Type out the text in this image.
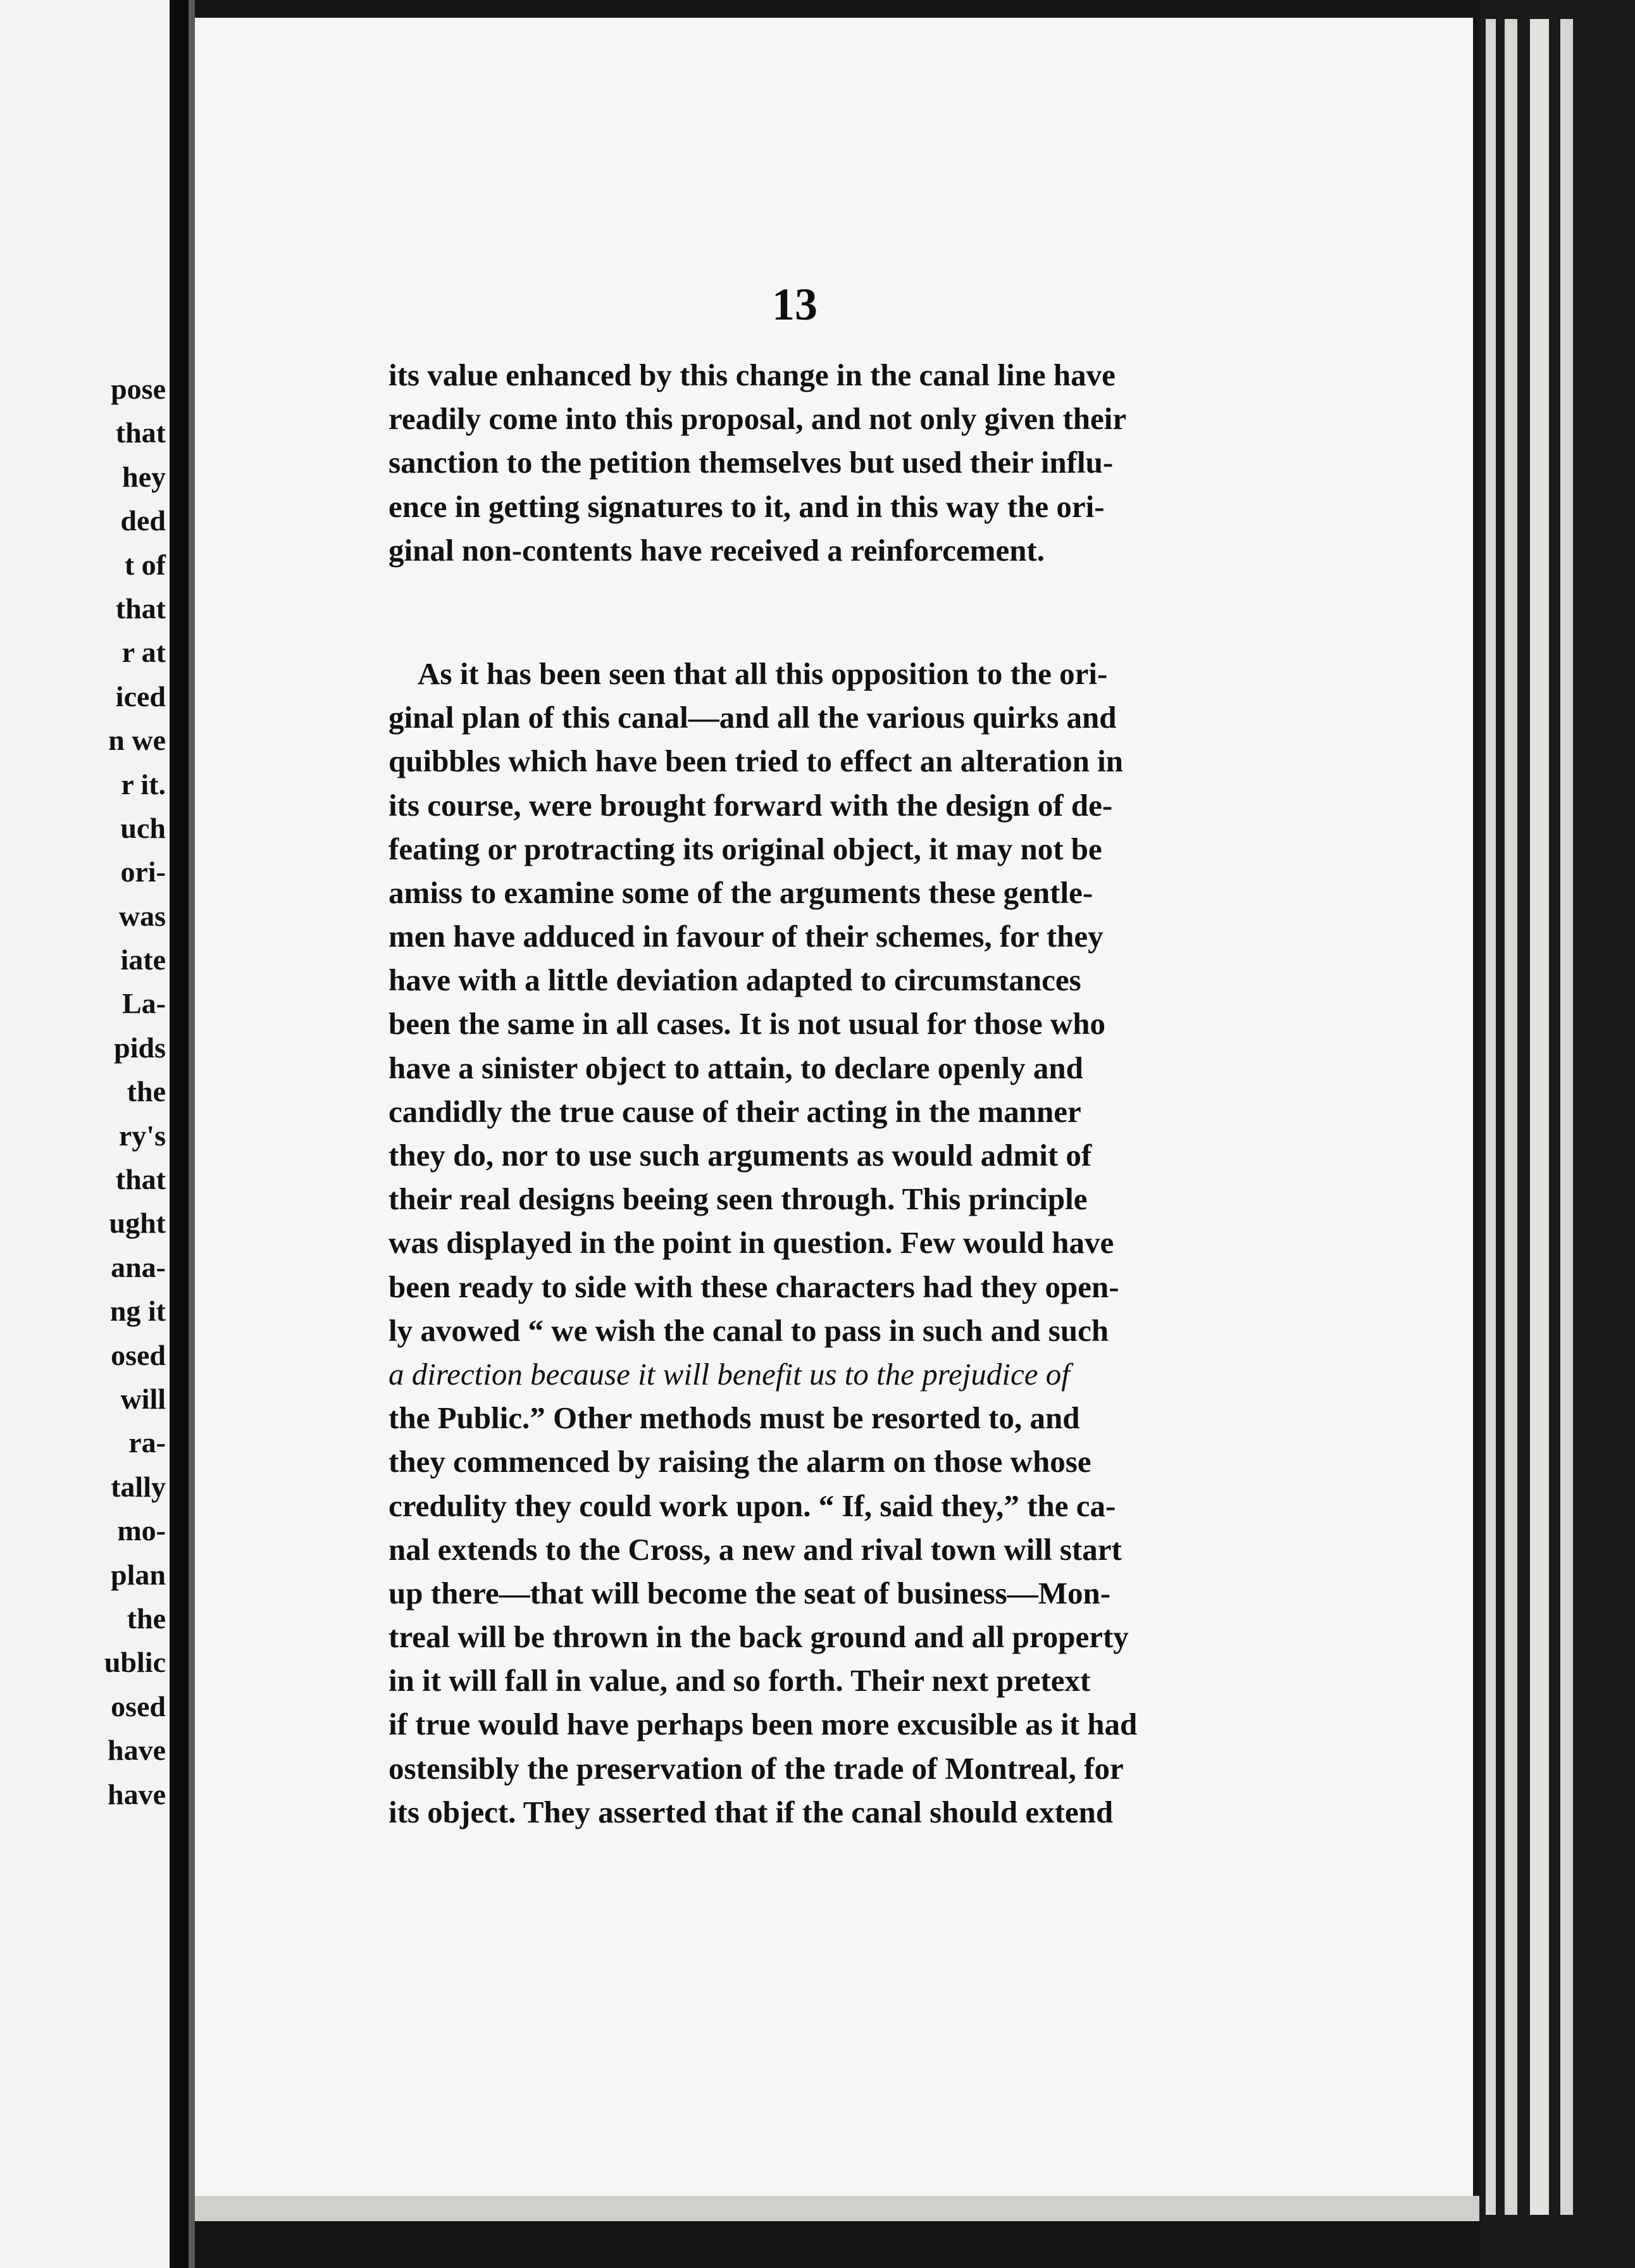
pose
that
hey
ded
t of
that
r at
iced
n we
r it.
uch
ori-
was
iate
La-
pids
the
ry's
that
ught
ana-
ng it
osed
will
ra-
tally
mo-
plan
the
ublic
osed
have
have
13
its value enhanced by this change in the canal line have
readily come into this proposal, and not only given their
sanction to the petition themselves but used their influ-
ence in getting signatures to it, and in this way the ori-
ginal non-contents have received a reinforcement.
As it has been seen that all this opposition to the ori-
ginal plan of this canal—and all the various quirks and
quibbles which have been tried to effect an alteration in
its course, were brought forward with the design of de-
feating or protracting its original object, it may not be
amiss to examine some of the arguments these gentle-
men have adduced in favour of their schemes, for they
have with a little deviation adapted to circumstances
been the same in all cases. It is not usual for those who
have a sinister object to attain, to declare openly and
candidly the true cause of their acting in the manner
they do, nor to use such arguments as would admit of
their real designs beeing seen through. This principle
was displayed in the point in question. Few would have
been ready to side with these characters had they open-
ly avowed “ we wish the canal to pass in such and such
a direction because it will benefit us to the prejudice of
the Public.” Other methods must be resorted to, and
they commenced by raising the alarm on those whose
credulity they could work upon. “ If, said they,” the ca-
nal extends to the Cross, a new and rival town will start
up there—that will become the seat of business—Mon-
treal will be thrown in the back ground and all property
in it will fall in value, and so forth. Their next pretext
if true would have perhaps been more excusible as it had
ostensibly the preservation of the trade of Montreal, for
its object. They asserted that if the canal should extend
